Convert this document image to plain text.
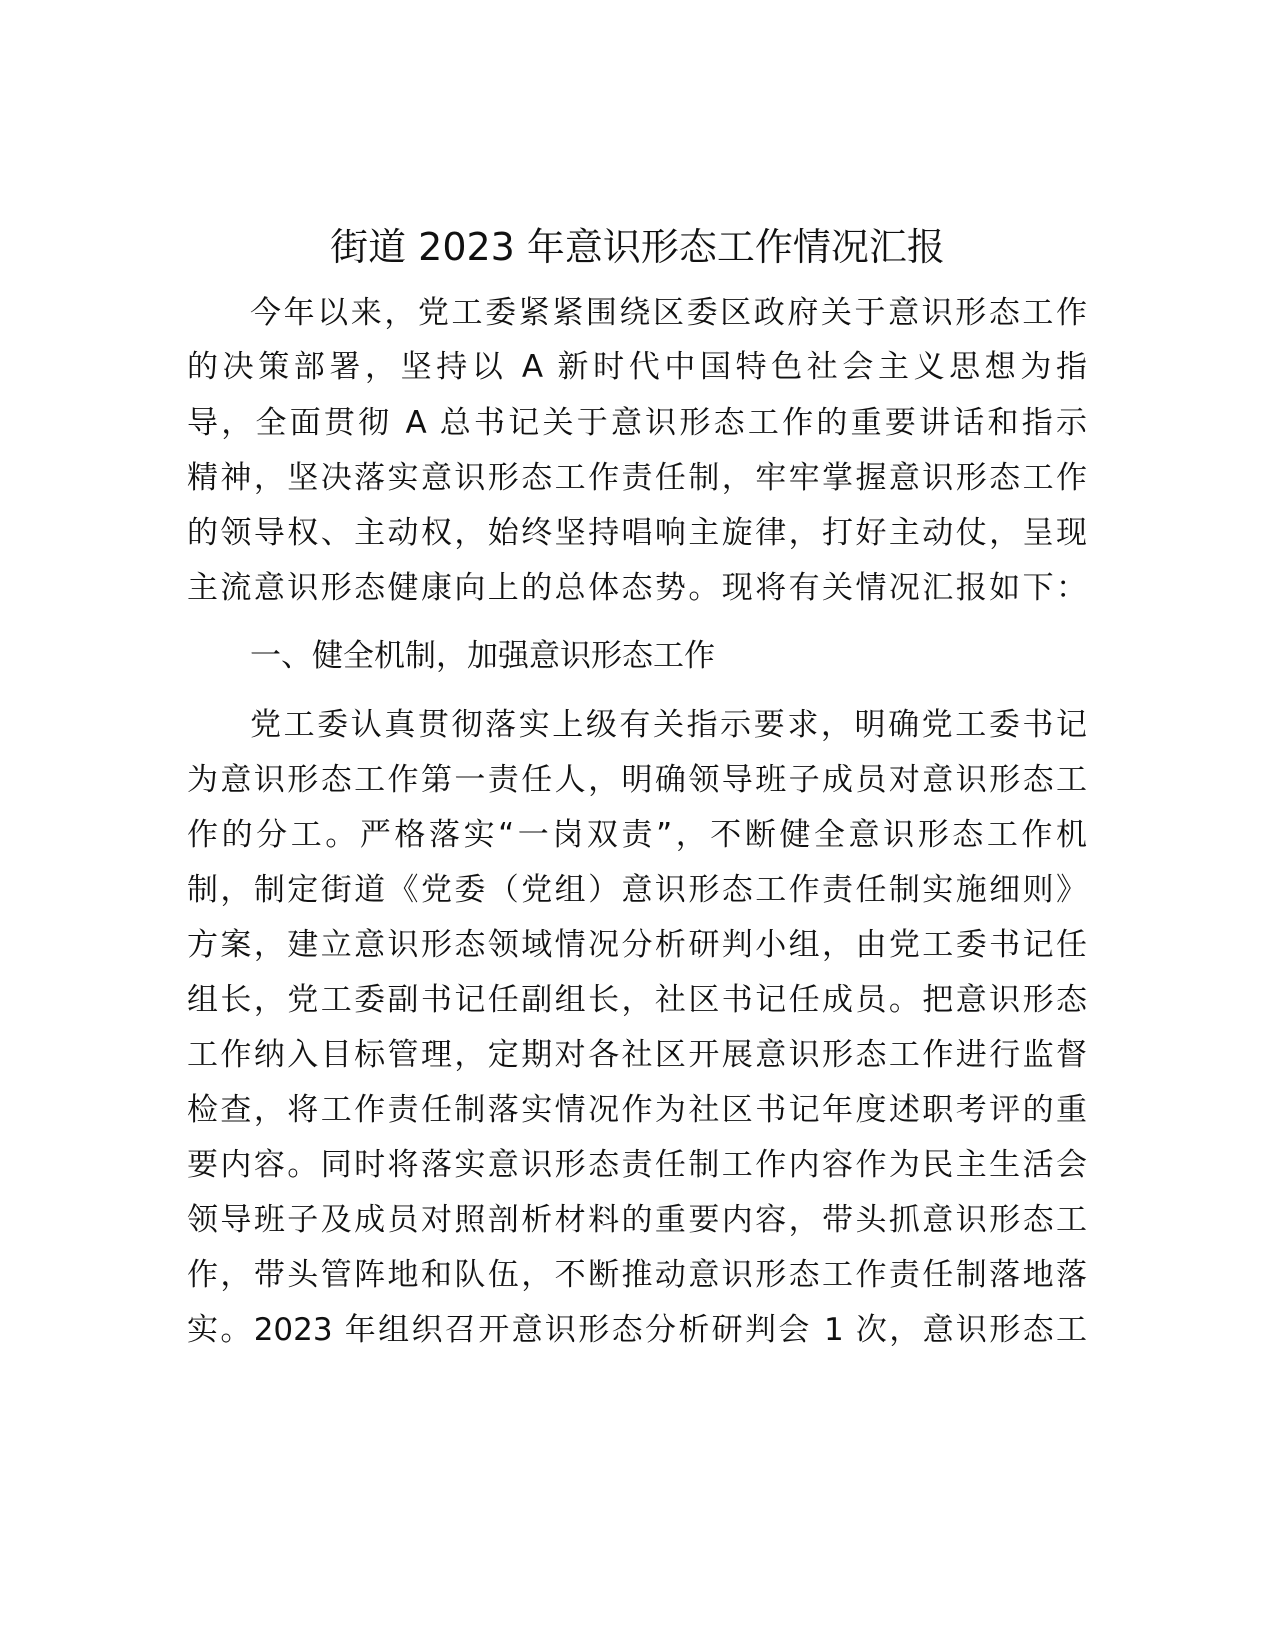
街道 2023 年意识形态工作情况汇报

今年以来，党工委紧紧围绕区委区政府关于意识形态工作

的决策部署，坚持以 A 新时代中国特色社会主义思想为指

导，全面贯彻 A 总书记关于意识形态工作的重要讲话和指示

精神，坚决落实意识形态工作责任制，牢牢掌握意识形态工作

的领导权、主动权，始终坚持唱响主旋律，打好主动仗，呈现

主流意识形态健康向上的总体态势。现将有关情况汇报如下：

一、健全机制，加强意识形态工作

党工委认真贯彻落实上级有关指示要求，明确党工委书记

为意识形态工作第一责任人，明确领导班子成员对意识形态工

作的分工。严格落实“一岗双责”，不断健全意识形态工作机

制，制定街道《党委（党组）意识形态工作责任制实施细则》

方案，建立意识形态领域情况分析研判小组，由党工委书记任

组长，党工委副书记任副组长，社区书记任成员。把意识形态

工作纳入目标管理，定期对各社区开展意识形态工作进行监督

检查，将工作责任制落实情况作为社区书记年度述职考评的重

要内容。同时将落实意识形态责任制工作内容作为民主生活会

领导班子及成员对照剖析材料的重要内容，带头抓意识形态工

作，带头管阵地和队伍，不断推动意识形态工作责任制落地落

实。2023 年组织召开意识形态分析研判会 1 次，意识形态工
